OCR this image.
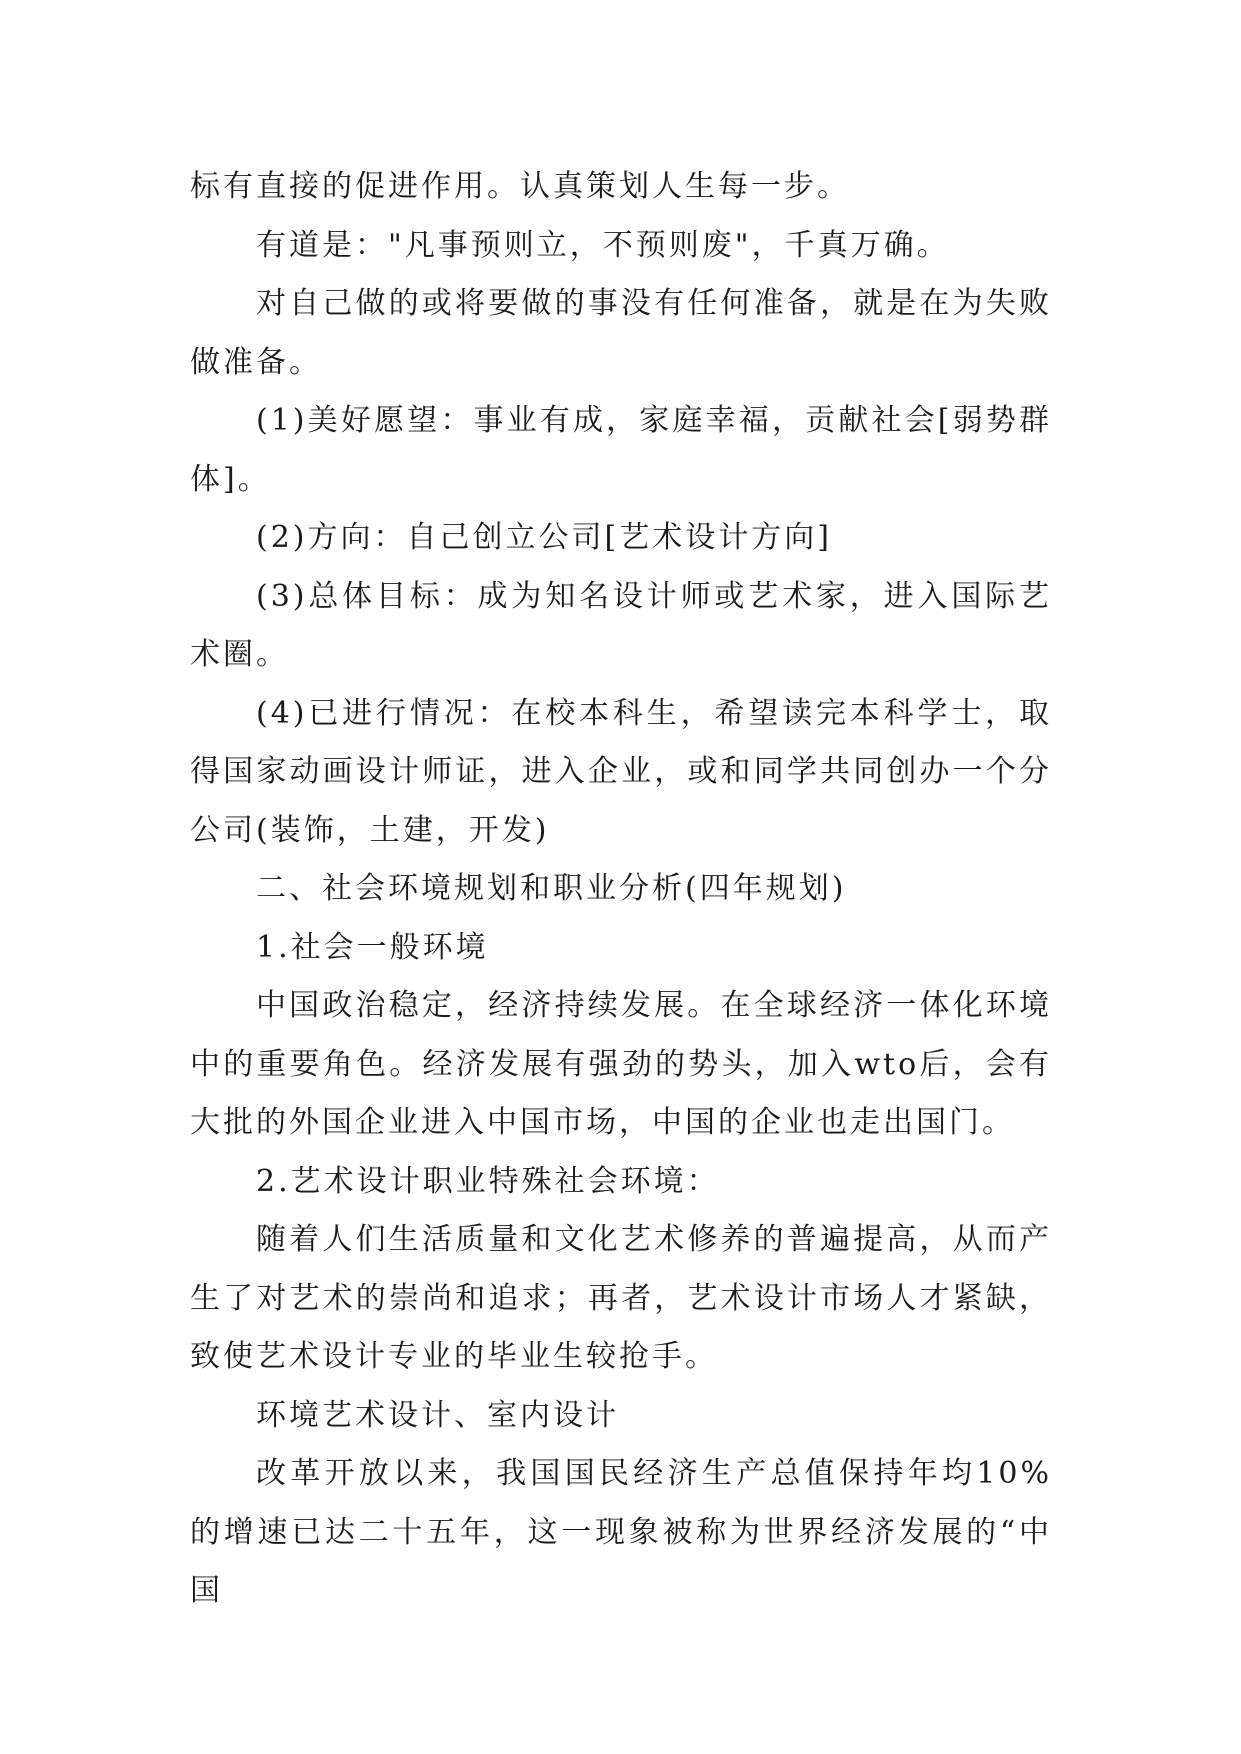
标有直接的促进作用。认真策划人生每一步。

有道是："凡事预则立，不预则废"，千真万确。

对自己做的或将要做的事没有任何准备，就是在为失败做准备。

(1)美好愿望：事业有成，家庭幸福，贡献社会[弱势群体]。

(2)方向：自己创立公司[艺术设计方向]

(3)总体目标：成为知名设计师或艺术家，进入国际艺术圈。

(4)已进行情况：在校本科生，希望读完本科学士，取得国家动画设计师证，进入企业，或和同学共同创办一个分公司(装饰，土建，开发)

二、社会环境规划和职业分析(四年规划)

1.社会一般环境

中国政治稳定，经济持续发展。在全球经济一体化环境中的重要角色。经济发展有强劲的势头，加入wto后，会有大批的外国企业进入中国市场，中国的企业也走出国门。

2.艺术设计职业特殊社会环境：

随着人们生活质量和文化艺术修养的普遍提高，从而产生了对艺术的崇尚和追求；再者，艺术设计市场人才紧缺，致使艺术设计专业的毕业生较抢手。

环境艺术设计、室内设计

改革开放以来，我国国民经济生产总值保持年均10%的增速已达二十五年，这一现象被称为世界经济发展的“中国
